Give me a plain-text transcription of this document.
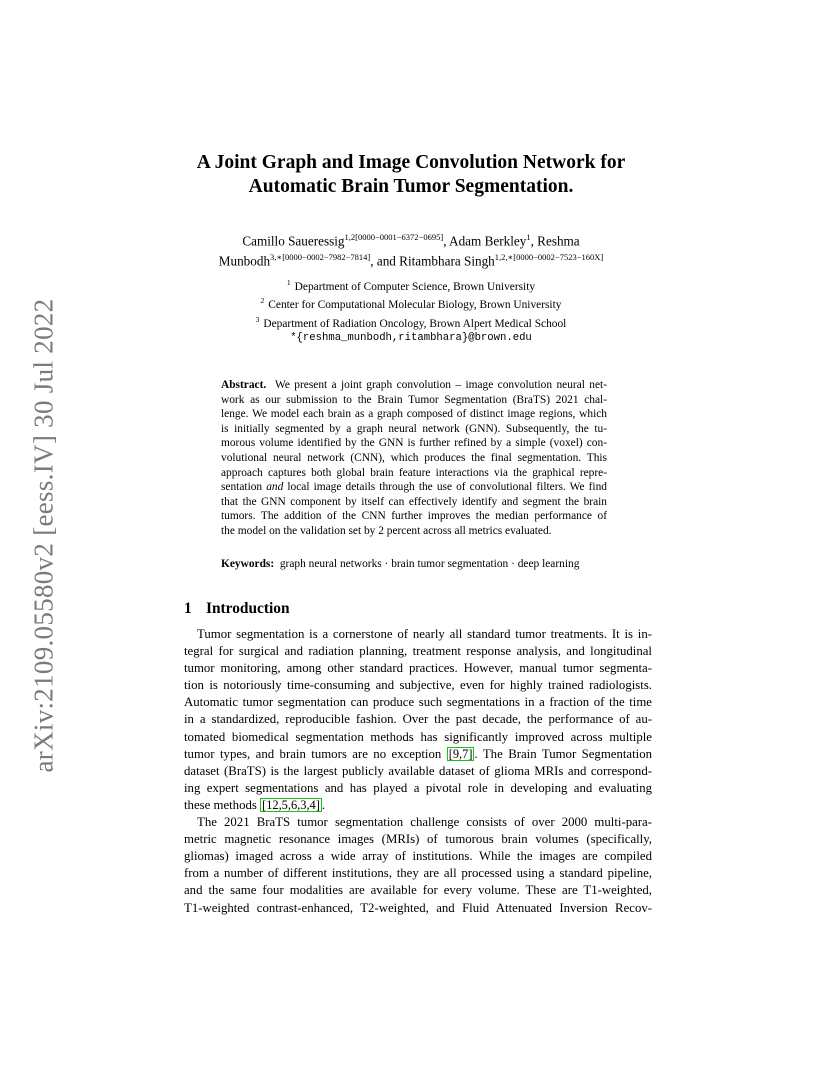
arXiv:2109.05580v2 [eess.IV] 30 Jul 2022
A Joint Graph and Image Convolution Network for
Automatic Brain Tumor Segmentation.
Camillo Saueressig$^{1,2[0000-0001-6372-0695]}$, Adam Berkley$^1$, Reshma
Munbodh$^{3,∗[0000-0002-7982-7814]}$, and Ritambhara Singh$^{1,2,∗[0000-0002-7523-160X]}$
$^1$ Department of Computer Science, Brown University
$^2$ Center for Computational Molecular Biology, Brown University
$^3$ Department of Radiation Oncology, Brown Alpert Medical School
*{reshma_munbodh,ritambhara}@brown.edu
Abstract. We present a joint graph convolution – image convolution neural net-
work as our submission to the Brain Tumor Segmentation (BraTS) 2021 chal-
lenge. We model each brain as a graph composed of distinct image regions, which
is initially segmented by a graph neural network (GNN). Subsequently, the tu-
morous volume identified by the GNN is further refined by a simple (voxel) con-
volutional neural network (CNN), which produces the final segmentation. This
approach captures both global brain feature interactions via the graphical repre-
sentation and local image details through the use of convolutional filters. We find
that the GNN component by itself can effectively identify and segment the brain
tumors. The addition of the CNN further improves the median performance of
the model on the validation set by 2 percent across all metrics evaluated.
Keywords: graph neural networks · brain tumor segmentation · deep learning
1 Introduction
Tumor segmentation is a cornerstone of nearly all standard tumor treatments. It is in-
tegral for surgical and radiation planning, treatment response analysis, and longitudinal
tumor monitoring, among other standard practices. However, manual tumor segmenta-
tion is notoriously time-consuming and subjective, even for highly trained radiologists.
Automatic tumor segmentation can produce such segmentations in a fraction of the time
in a standardized, reproducible fashion. Over the past decade, the performance of au-
tomated biomedical segmentation methods has significantly improved across multiple
tumor types, and brain tumors are no exception [9,7] . The Brain Tumor Segmentation
dataset (BraTS) is the largest publicly available dataset of glioma MRIs and correspond-
ing expert segmentations and has played a pivotal role in developing and evaluating
these methods [12,5,6,3,4] .
The 2021 BraTS tumor segmentation challenge consists of over 2000 multi-para-
metric magnetic resonance images (MRIs) of tumorous brain volumes (specifically,
gliomas) imaged across a wide array of institutions. While the images are compiled
from a number of different institutions, they are all processed using a standard pipeline,
and the same four modalities are available for every volume. These are T1-weighted,
T1-weighted contrast-enhanced, T2-weighted, and Fluid Attenuated Inversion Recov-
